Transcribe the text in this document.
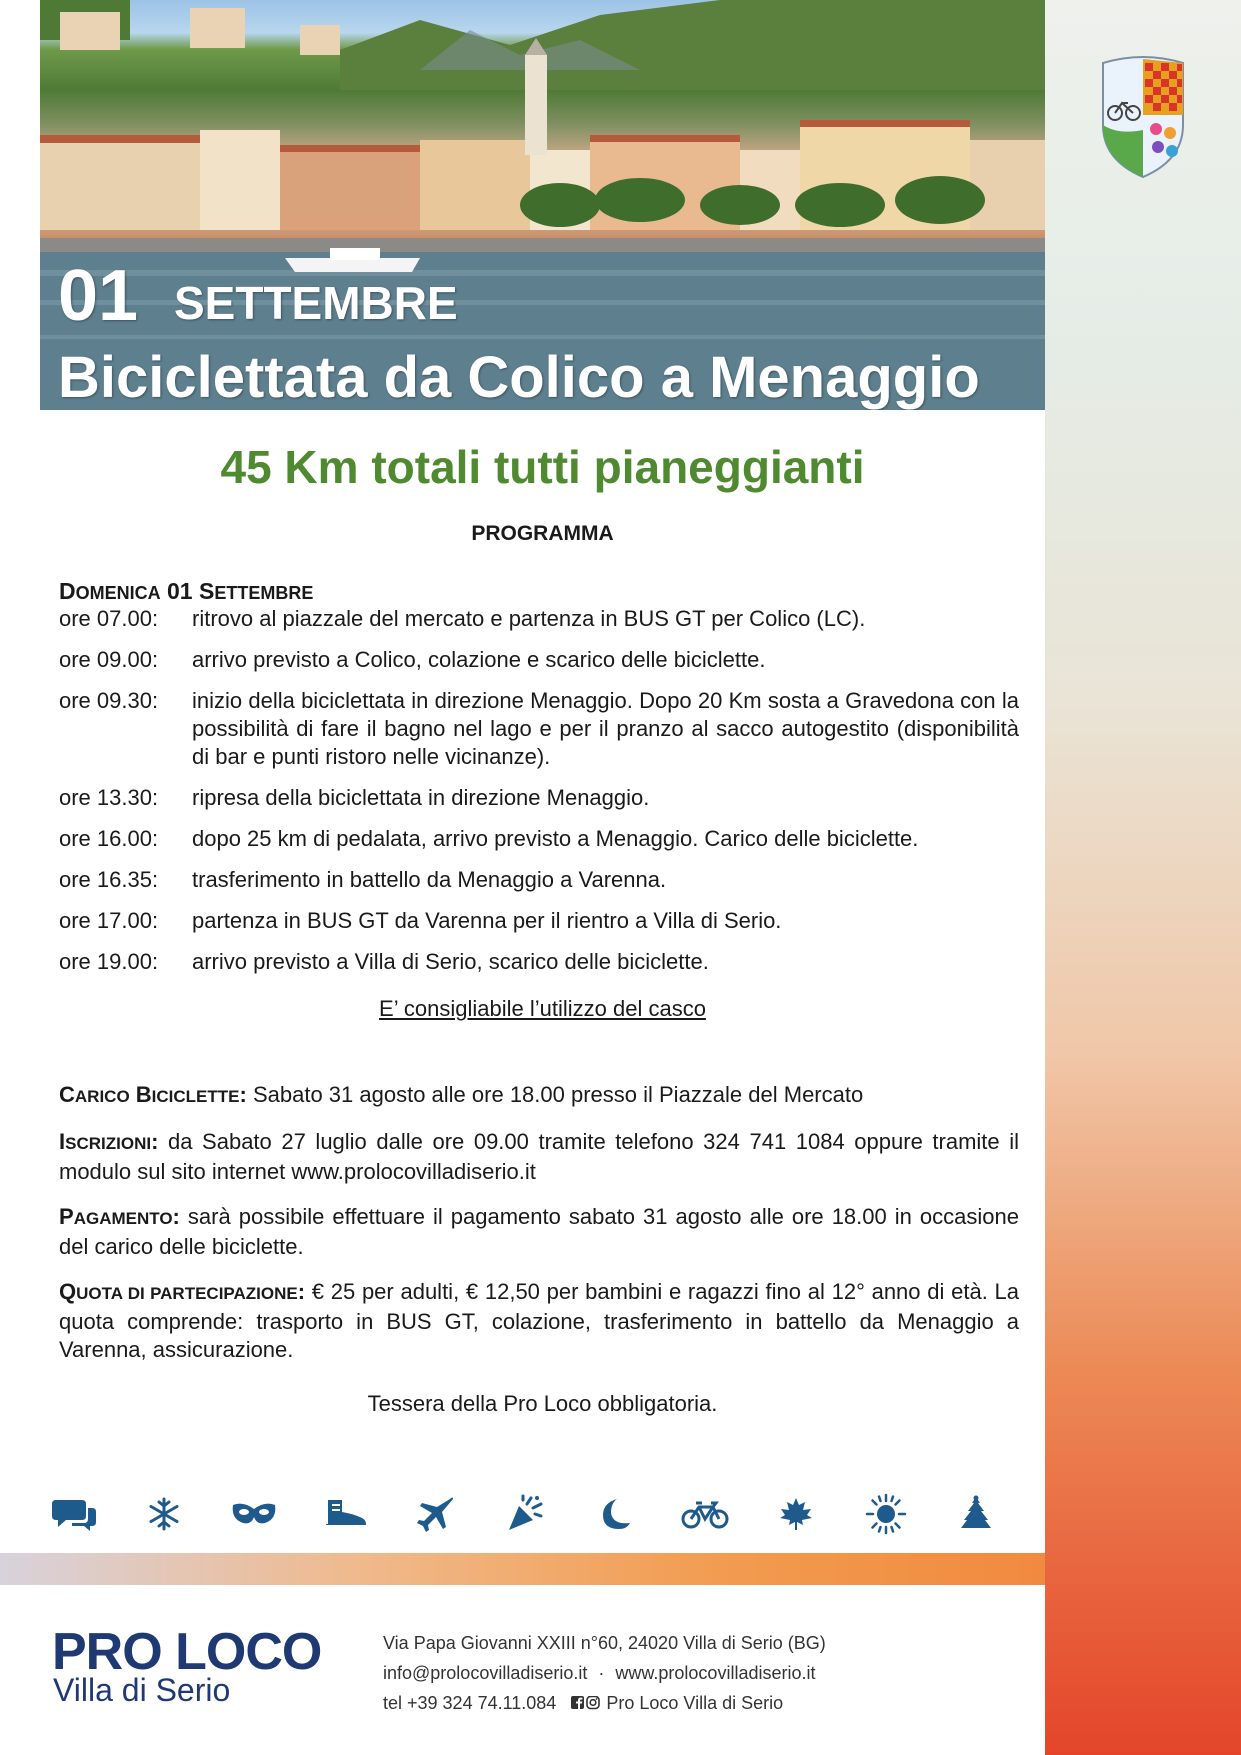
01 SETTEMBRE
Biciclettata da Colico a Menaggio
45 Km totali tutti pianeggianti
PROGRAMMA
DOMENICA 01 SETTEMBRE
ore 07.00:	ritrovo al piazzale del mercato e partenza in BUS GT per Colico (LC).
ore 09.00:	arrivo previsto a Colico, colazione e scarico delle biciclette.
ore 09.30:	inizio della biciclettata in direzione Menaggio. Dopo 20 Km sosta a Gravedona con la possibilità di fare il bagno nel lago e per il pranzo al sacco autogestito (disponibilità di bar e punti ristoro nelle vicinanze).
ore 13.30:	ripresa della biciclettata in direzione Menaggio.
ore 16.00:	dopo 25 km di pedalata, arrivo previsto a Menaggio. Carico delle biciclette.
ore 16.35:	trasferimento in battello da Menaggio a Varenna.
ore 17.00:	partenza in BUS GT da Varenna per il rientro a Villa di Serio.
ore 19.00:	arrivo previsto a Villa di Serio, scarico delle biciclette.
E’ consigliabile l’utilizzo del casco
CARICO BICICLETTE: Sabato 31 agosto alle ore 18.00 presso il Piazzale del Mercato
ISCRIZIONI: da Sabato 27 luglio dalle ore 09.00 tramite telefono 324 741 1084 oppure tramite il modulo sul sito internet www.prolocovilladiserio.it
PAGAMENTO: sarà possibile effettuare il pagamento sabato 31 agosto alle ore 18.00 in occasione del carico delle biciclette.
QUOTA DI PARTECIPAZIONE: € 25 per adulti, € 12,50 per bambini e ragazzi fino al 12° anno di età. La quota comprende: trasporto in BUS GT, colazione, trasferimento in battello da Menaggio a Varenna, assicurazione.
Tessera della Pro Loco obbligatoria.
PRO LOCO
Villa di Serio
Via Papa Giovanni XXIII n°60, 24020 Villa di Serio (BG)
info@prolocovilladiserio.it · www.prolocovilladiserio.it
tel +39 324 74.11.084	Pro Loco Villa di Serio
